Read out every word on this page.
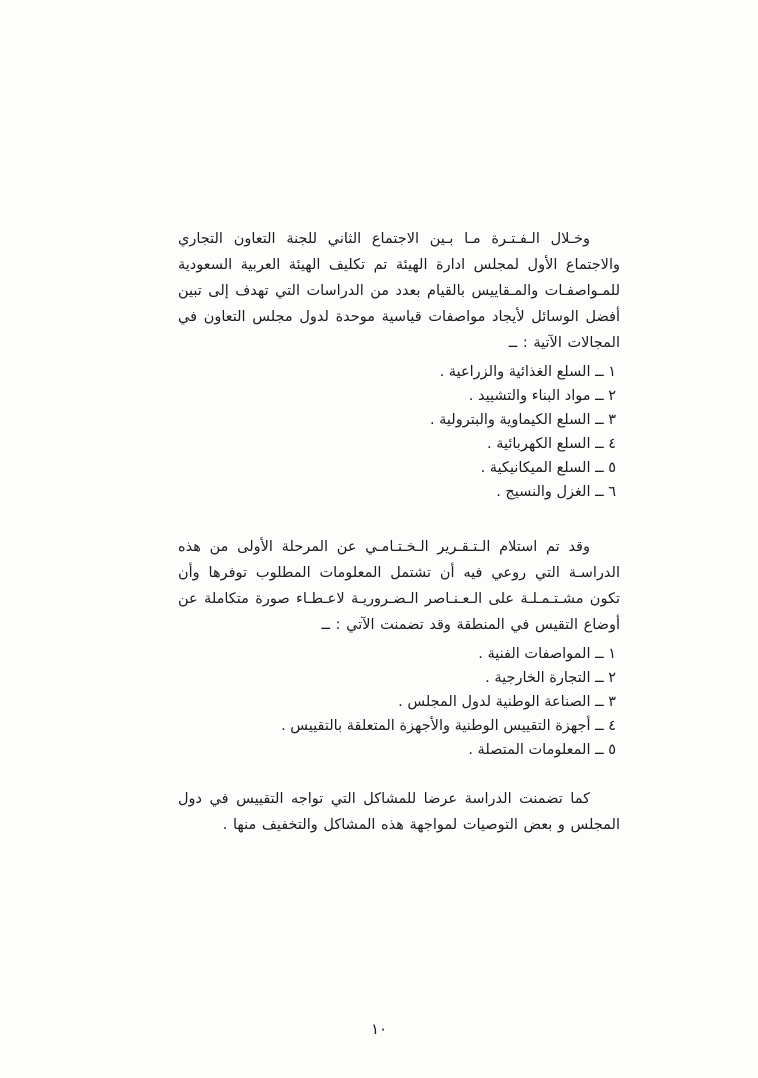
وخـلال الـفـتـرة مـا بـين الاجتماع الثاني للجنة التعاون التجاري والاجتماع الأول لمجلس ادارة الهيئة تم تكليف الهيئة العربية السعودية للمـواصفـات والمـقاييس بالقيام بعدد من الدراسات التي تهدف إلى تبين أفضل الوسائل لأيجاد مواصفات قياسية موحدة لدول مجلس التعاون في المجالات الآتية : ــ

١ ــ السلع الغذائية والزراعية .
٢ ــ مواد البناء والتشييد .
٣ ــ السلع الكيماوية والبترولية .
٤ ــ السلع الكهربائية .
٥ ــ السلع الميكانيكية .
٦ ــ الغزل والنسيج .

وقد تم استلام الـتـقـرير الـخـتـامـي عن المرحلة الأولى من هذه الدراسـة التي روعي فيه أن تشتمل المعلومات المطلوب توفرها وأن تكون مشـتـمـلـة على الـعـنـاصر الـضـروريـة لاعـطـاء صورة متكاملة عن أوضاع التقيس في المنطقة وقد تضمنت الآتي : ــ

١ ــ المواصفات الفنية .
٢ ــ التجارة الخارجية .
٣ ــ الصناعة الوطنية لدول المجلس .
٤ ــ أجهزة التقييس الوطنية والأجهزة المتعلقة بالتقييس .
٥ ــ المعلومات المتصلة .

كما تضمنت الدراسة عرضا للمشاكل التي تواجه التقييس في دول المجلس و بعض التوصيات لمواجهة هذه المشاكل والتخفيف منها .

١٠
